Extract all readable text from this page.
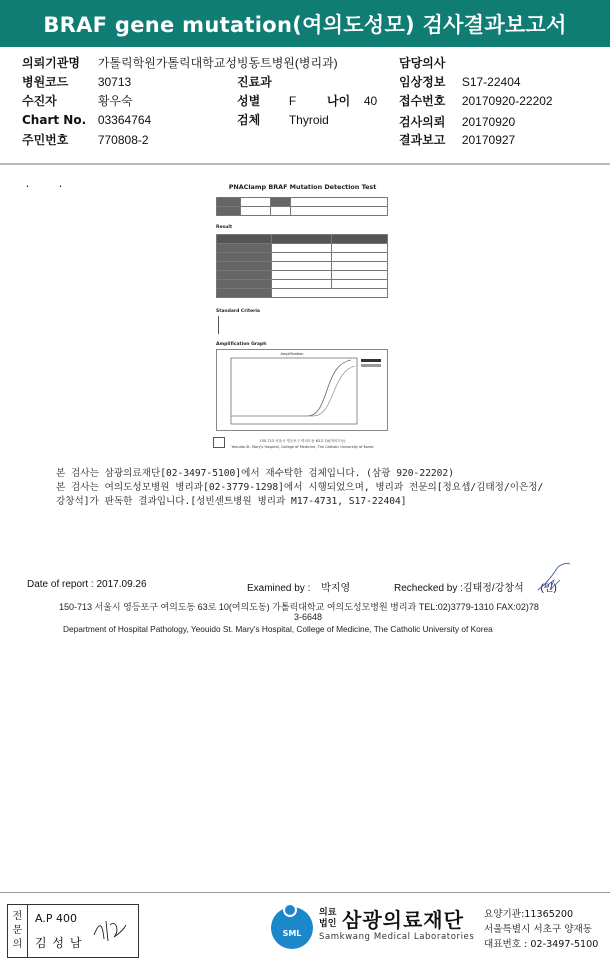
BRAF gene mutation(여의도성모) 검사결과보고서
의뢰기관명 가톨릭학원가톨릭대학교성빙동트병원(병리과)	담당의사
병원코드 30713	진료과	임상정보 S17-22404
수진자	황우숙	성별 F	나이 40 접수번호 20170920-22202
Chart No. 03364764	검체 Thyroid	검사의뢰 20170920
주민번호 770808-2	결과보고 20170927
•	•	PNAClamp BRAF Mutation Detection Test

Result

Standard Criteria
Amplification Graph
Amplification
150-713 서울시 영등포구 여의도동 63호 10(여의도동)
Yeouido St. Mary's Hospital, College of Medicine, The Catholic University of Korea
본 검사는 삼광의료재단[02-3497-5100]에서 재수탁한 검체입니다. (삼광 920-22202)
본 검사는 여의도성모병원 병리과[02-3779-1298]에서 시행되었으며, 병리과 전문의[정요셉/김태정/이은정/
강창석]가 판독한 결과입니다.[성빈센트병원 병리과 M17-4731, S17-22404]
Date of report : 2017.09.26	Examined by : 박지영	Rechecked by :김태정/강창석 (인)
150-713 서울시 영등포구 여의도동 63로 10(여의도동) 가톨릭대학교 여의도성모병원 병리과 TEL:02)3779-1310 FAX:02)78
3-6648
Department of Hospital Pathology, Yeouido St. Mary's Hospital, College of Medicine, The Catholic University of Korea
전문의
A.P 400
김 성 남
SML
의료
법인 삼광의료재단
Samkwang Medical Laboratories
요양기관:11365200
서울특별시 서초구 양재동
대표번호 : 02-3497-5100
